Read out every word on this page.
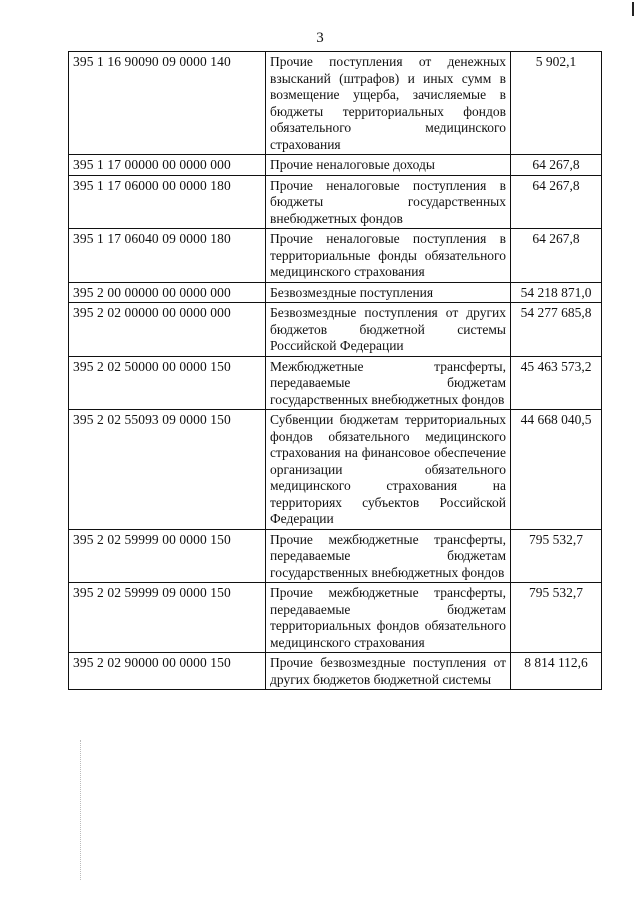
3
395 1 16 90090 09 0000 140	Прочие поступления от денежных взысканий (штрафов) и иных сумм в возмещение ущерба, зачисляемые в бюджеты территориальных фондов обязательного медицинского страхования	5 902,1
395 1 17 00000 00 0000 000	Прочие неналоговые доходы	64 267,8
395 1 17 06000 00 0000 180	Прочие неналоговые поступления в бюджеты государственных внебюджетных фондов	64 267,8
395 1 17 06040 09 0000 180	Прочие неналоговые поступления в территориальные фонды обязательного медицинского страхования	64 267,8
395 2 00 00000 00 0000 000	Безвозмездные поступления	54 218 871,0
395 2 02 00000 00 0000 000	Безвозмездные поступления от других бюджетов бюджетной системы Российской Федерации	54 277 685,8
395 2 02 50000 00 0000 150	Межбюджетные трансферты, передаваемые бюджетам государственных внебюджетных фондов	45 463 573,2
395 2 02 55093 09 0000 150	Субвенции бюджетам территориальных фондов обязательного медицинского страхования на финансовое обеспечение организации обязательного медицинского страхования на территориях субъектов Российской Федерации	44 668 040,5
395 2 02 59999 00 0000 150	Прочие межбюджетные трансферты, передаваемые бюджетам государственных внебюджетных фондов	795 532,7
395 2 02 59999 09 0000 150	Прочие межбюджетные трансферты, передаваемые бюджетам территориальных фондов обязательного медицинского страхования	795 532,7
395 2 02 90000 00 0000 150	Прочие безвозмездные поступления от других бюджетов бюджетной системы	8 814 112,6
